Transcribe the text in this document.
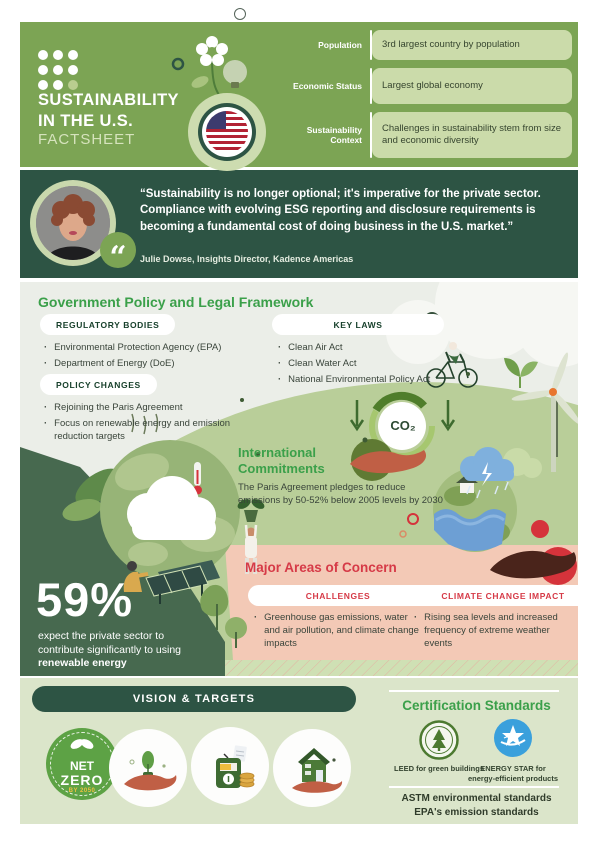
SUSTAINABILITY
IN THE U.S.
FACTSHEET
Population	3rd largest country by population
Economic Status	Largest global economy
Sustainability Context
Challenges in sustainability stem from size and economic diversity
“
“Sustainability is no longer optional; it's imperative for the private sector. Compliance with evolving ESG reporting and disclosure requirements is becoming a fundamental cost of doing business in the U.S. market.”
Julie Dowse, Insights Director, Kadence Americas
Government Policy and Legal Framework
REGULATORY BODIES
· Environmental Protection Agency (EPA)
· Department of Energy (DoE)
KEY LAWS
· Clean Air Act
· Clean Water Act
· National Environmental Policy Act
POLICY CHANGES
· Rejoining the Paris Agreement
· Focus on renewable energy and emission reduction targets
International Commitments
The Paris Agreement pledges to reduce emissions by 50-52% below 2005 levels by 2030
CO₂
59%
expect the private sector to contribute significantly to using renewable energy
Major Areas of Concern
CHALLENGES
· Greenhouse gas emissions, water and air pollution, and climate change impacts
CLIMATE CHANGE IMPACT
· Rising sea levels and increased frequency of extreme weather events
VISION & TARGETS
NET
ZERO
BY 2050
Certification Standards
LEED for green buildings
ENERGY STAR for energy-efficient products
ASTM environmental standards
EPA's emission standards
